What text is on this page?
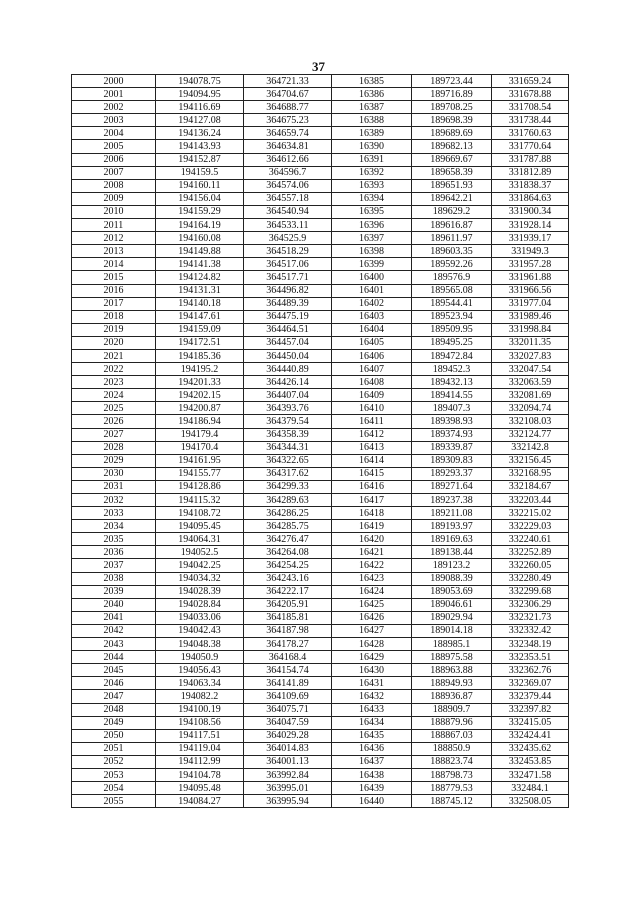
37
2000	194078.75	364721.33	16385	189723.44	331659.24
2001	194094.95	364704.67	16386	189716.89	331678.88
2002	194116.69	364688.77	16387	189708.25	331708.54
2003	194127.08	364675.23	16388	189698.39	331738.44
2004	194136.24	364659.74	16389	189689.69	331760.63
2005	194143.93	364634.81	16390	189682.13	331770.64
2006	194152.87	364612.66	16391	189669.67	331787.88
2007	194159.5	364596.7	16392	189658.39	331812.89
2008	194160.11	364574.06	16393	189651.93	331838.37
2009	194156.04	364557.18	16394	189642.21	331864.63
2010	194159.29	364540.94	16395	189629.2	331900.34
2011	194164.19	364533.11	16396	189616.87	331928.14
2012	194160.08	364525.9	16397	189611.97	331939.17
2013	194149.88	364518.29	16398	189603.35	331949.3
2014	194141.38	364517.06	16399	189592.26	331957.28
2015	194124.82	364517.71	16400	189576.9	331961.88
2016	194131.31	364496.82	16401	189565.08	331966.56
2017	194140.18	364489.39	16402	189544.41	331977.04
2018	194147.61	364475.19	16403	189523.94	331989.46
2019	194159.09	364464.51	16404	189509.95	331998.84
2020	194172.51	364457.04	16405	189495.25	332011.35
2021	194185.36	364450.04	16406	189472.84	332027.83
2022	194195.2	364440.89	16407	189452.3	332047.54
2023	194201.33	364426.14	16408	189432.13	332063.59
2024	194202.15	364407.04	16409	189414.55	332081.69
2025	194200.87	364393.76	16410	189407.3	332094.74
2026	194186.94	364379.54	16411	189398.93	332108.03
2027	194179.4	364358.39	16412	189374.93	332124.77
2028	194170.4	364344.31	16413	189339.87	332142.8
2029	194161.95	364322.65	16414	189309.83	332156.45
2030	194155.77	364317.62	16415	189293.37	332168.95
2031	194128.86	364299.33	16416	189271.64	332184.67
2032	194115.32	364289.63	16417	189237.38	332203.44
2033	194108.72	364286.25	16418	189211.08	332215.02
2034	194095.45	364285.75	16419	189193.97	332229.03
2035	194064.31	364276.47	16420	189169.63	332240.61
2036	194052.5	364264.08	16421	189138.44	332252.89
2037	194042.25	364254.25	16422	189123.2	332260.05
2038	194034.32	364243.16	16423	189088.39	332280.49
2039	194028.39	364222.17	16424	189053.69	332299.68
2040	194028.84	364205.91	16425	189046.61	332306.29
2041	194033.06	364185.81	16426	189029.94	332321.73
2042	194042.43	364187.98	16427	189014.18	332332.42
2043	194048.38	364178.27	16428	188985.1	332348.19
2044	194050.9	364168.4	16429	188975.58	332353.51
2045	194056.43	364154.74	16430	188963.88	332362.76
2046	194063.34	364141.89	16431	188949.93	332369.07
2047	194082.2	364109.69	16432	188936.87	332379.44
2048	194100.19	364075.71	16433	188909.7	332397.82
2049	194108.56	364047.59	16434	188879.96	332415.05
2050	194117.51	364029.28	16435	188867.03	332424.41
2051	194119.04	364014.83	16436	188850.9	332435.62
2052	194112.99	364001.13	16437	188823.74	332453.85
2053	194104.78	363992.84	16438	188798.73	332471.58
2054	194095.48	363995.01	16439	188779.53	332484.1
2055	194084.27	363995.94	16440	188745.12	332508.05
